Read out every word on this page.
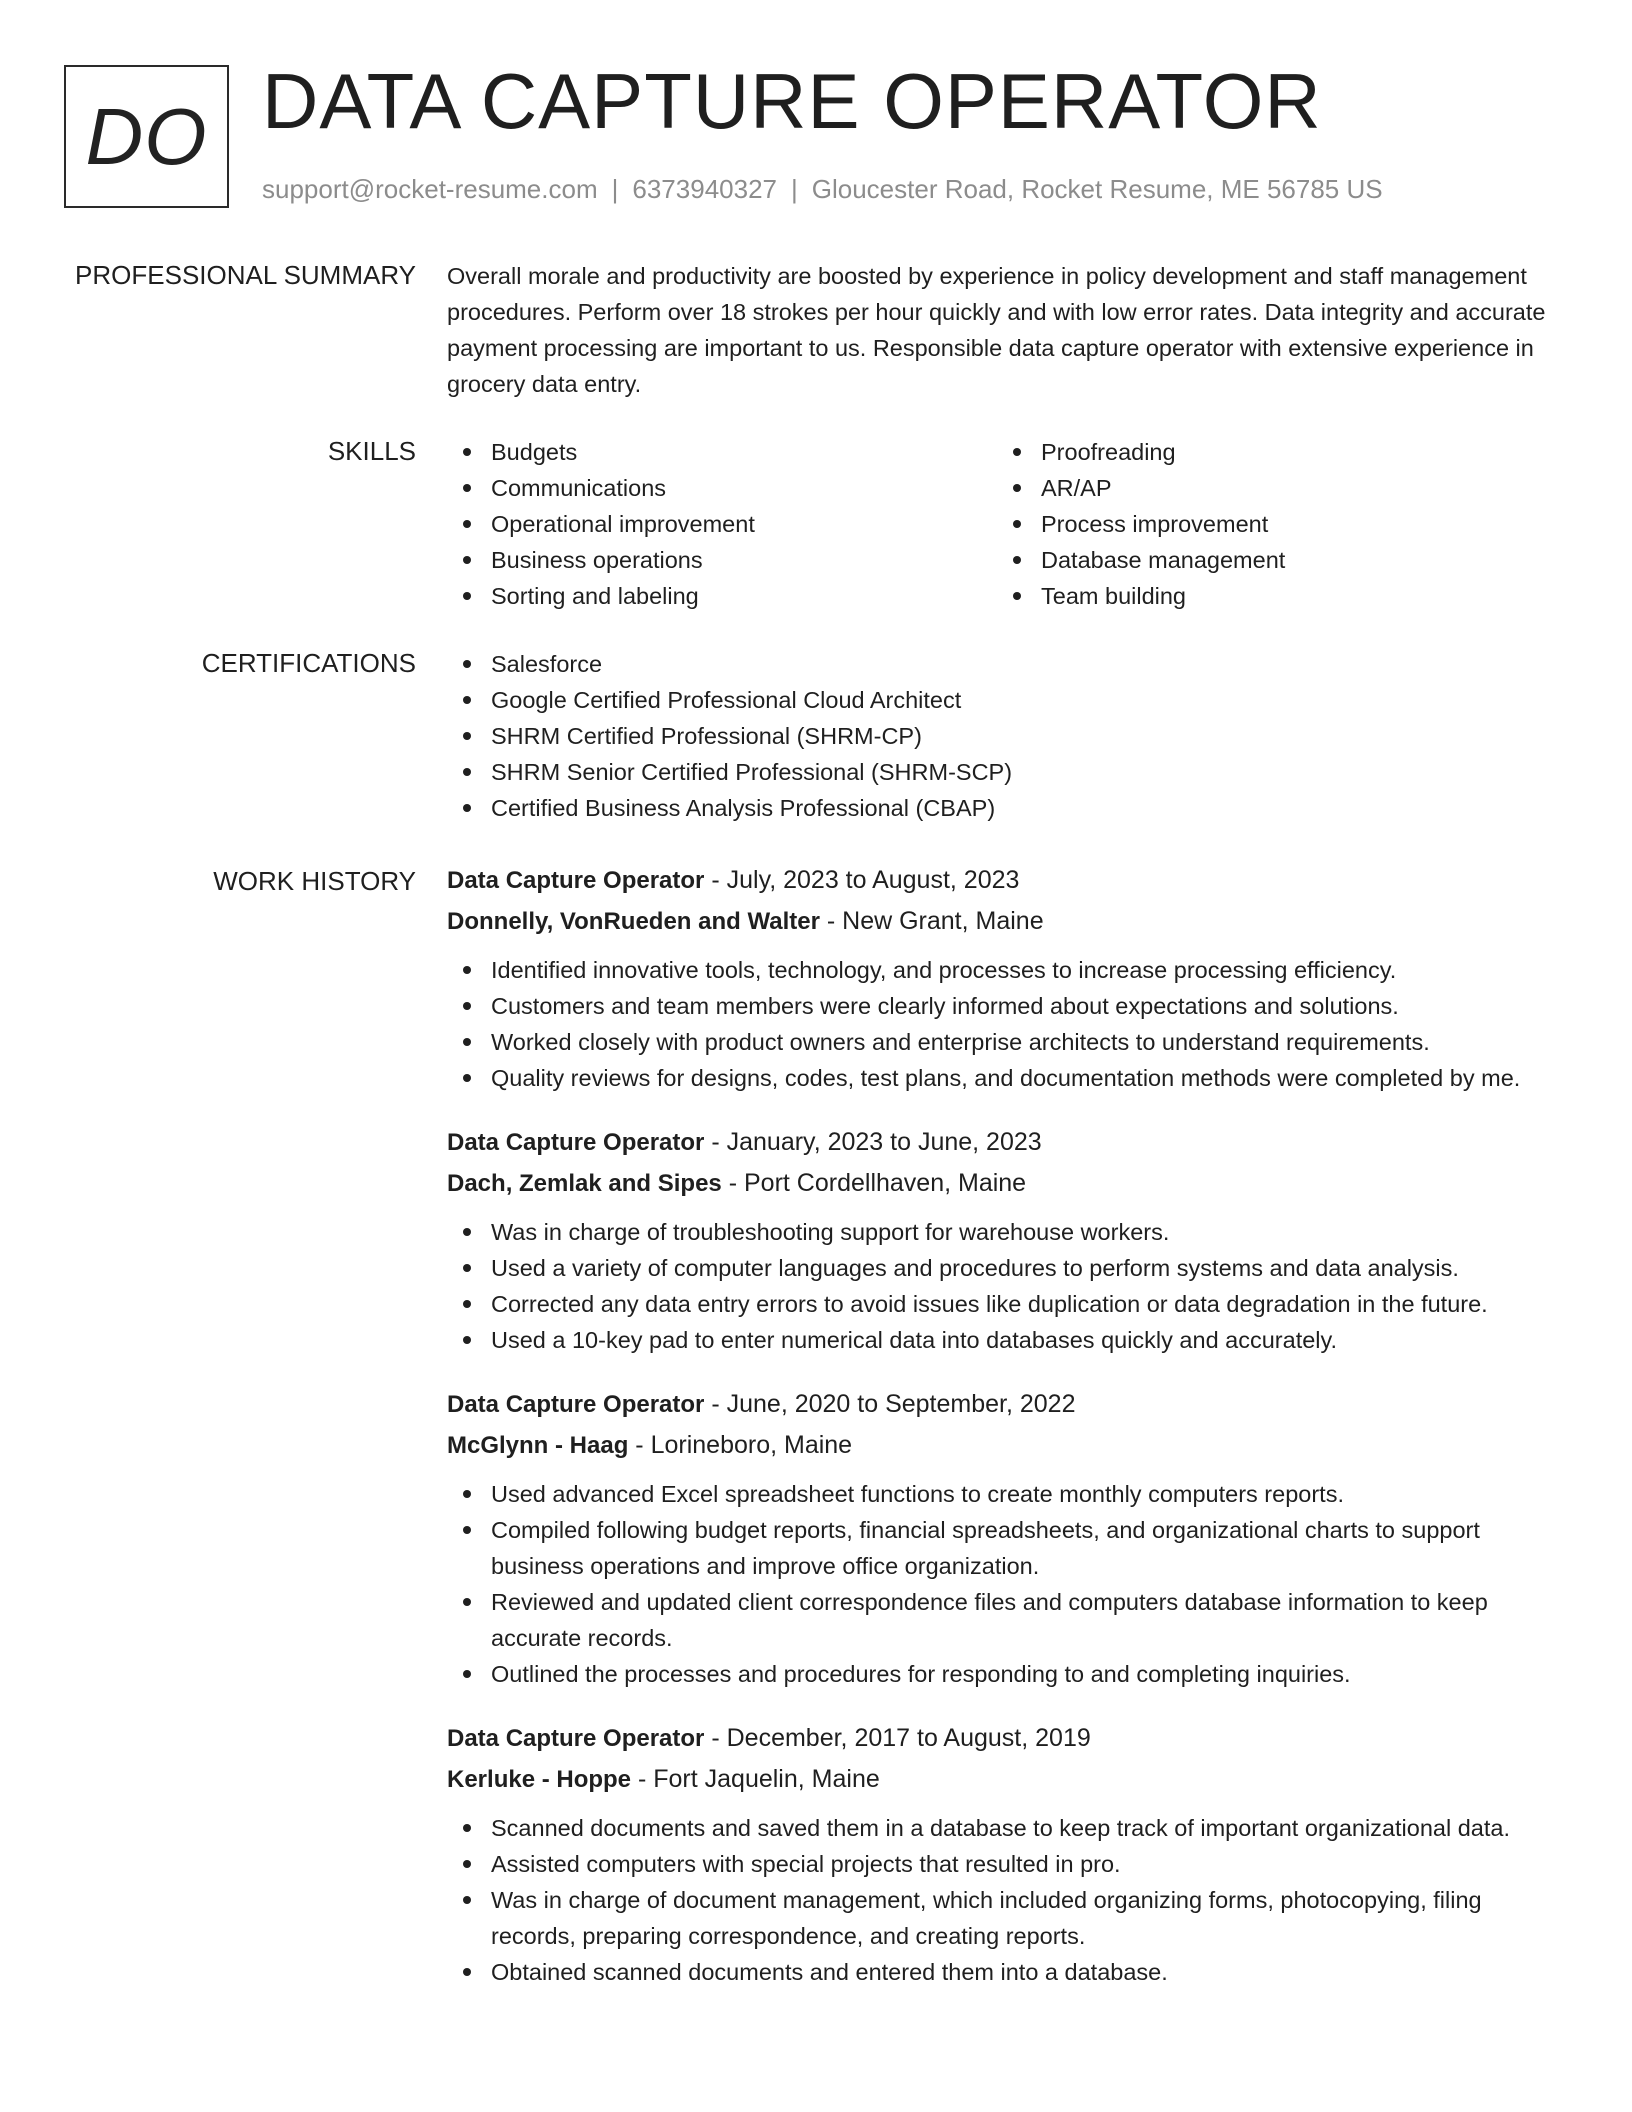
DO DATA CAPTURE OPERATOR
support@rocket-resume.com | 6373940327 | Gloucester Road, Rocket Resume, ME 56785 US
PROFESSIONAL SUMMARY Overall morale and productivity are boosted by experience in policy development and staff management procedures. Perform over 18 strokes per hour quickly and with low error rates. Data integrity and accurate payment processing are important to us. Responsible data capture operator with extensive experience in grocery data entry.

SKILLS	Budgets
Communications
Operational improvement
Business operations
Sorting and labeling
Proofreading
AR/AP
Process improvement
Database management
Team building
CERTIFICATIONS	Salesforce
Google Certified Professional Cloud Architect
SHRM Certified Professional (SHRM-CP)
SHRM Senior Certified Professional (SHRM-SCP)
Certified Business Analysis Professional (CBAP)
WORK HISTORY Data Capture Operator - July, 2023 to August, 2023
Donnelly, VonRueden and Walter - New Grant, Maine
Identified innovative tools, technology, and processes to increase processing efficiency.
Customers and team members were clearly informed about expectations and solutions.
Worked closely with product owners and enterprise architects to understand requirements.
Quality reviews for designs, codes, test plans, and documentation methods were completed by me.
Data Capture Operator - January, 2023 to June, 2023
Dach, Zemlak and Sipes - Port Cordellhaven, Maine
Was in charge of troubleshooting support for warehouse workers.
Used a variety of computer languages and procedures to perform systems and data analysis.
Corrected any data entry errors to avoid issues like duplication or data degradation in the future.
Used a 10-key pad to enter numerical data into databases quickly and accurately.
Data Capture Operator - June, 2020 to September, 2022
McGlynn - Haag - Lorineboro, Maine
Used advanced Excel spreadsheet functions to create monthly computers reports.
Compiled following budget reports, financial spreadsheets, and organizational charts to support business operations and improve office organization.
Reviewed and updated client correspondence files and computers database information to keep accurate records.
Outlined the processes and procedures for responding to and completing inquiries.
Data Capture Operator - December, 2017 to August, 2019
Kerluke - Hoppe - Fort Jaquelin, Maine
Scanned documents and saved them in a database to keep track of important organizational data.
Assisted computers with special projects that resulted in pro.
Was in charge of document management, which included organizing forms, photocopying, filing records, preparing correspondence, and creating reports.
Obtained scanned documents and entered them into a database.
